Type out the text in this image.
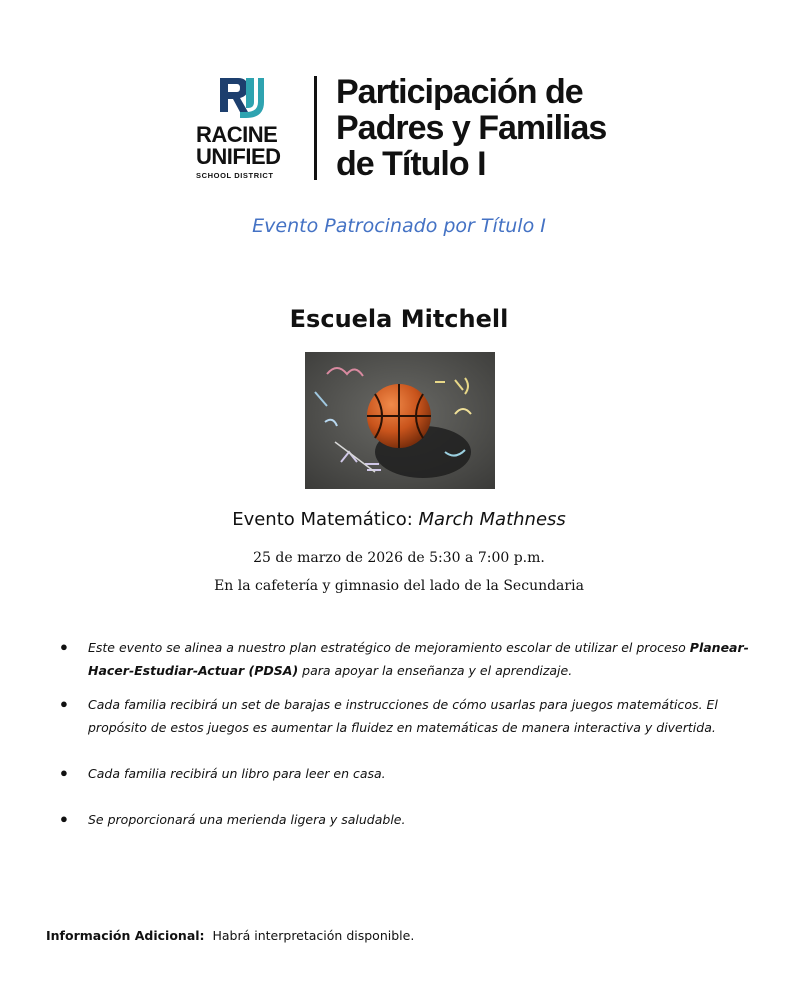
RACINE
UNIFIED
SCHOOL DISTRICT
Participación de
Padres y Familias
de Título I
Evento Patrocinado por Título I
Escuela Mitchell
Evento Matemático: March Mathness
25 de marzo de 2026 de 5:30 a 7:00 p.m.
En la cafetería y gimnasio del lado de la Secundaria
● Este evento se alinea a nuestro plan estratégico de mejoramiento escolar de utilizar el proceso Planear-Hacer-Estudiar-Actuar (PDSA) para apoyar la enseñanza y el aprendizaje.
● Cada familia recibirá un set de barajas e instrucciones de cómo usarlas para juegos matemáticos. El propósito de estos juegos es aumentar la fluidez en matemáticas de manera interactiva y divertida.
● Cada familia recibirá un libro para leer en casa.
● Se proporcionará una merienda ligera y saludable.
Información Adicional:  Habrá interpretación disponible.
